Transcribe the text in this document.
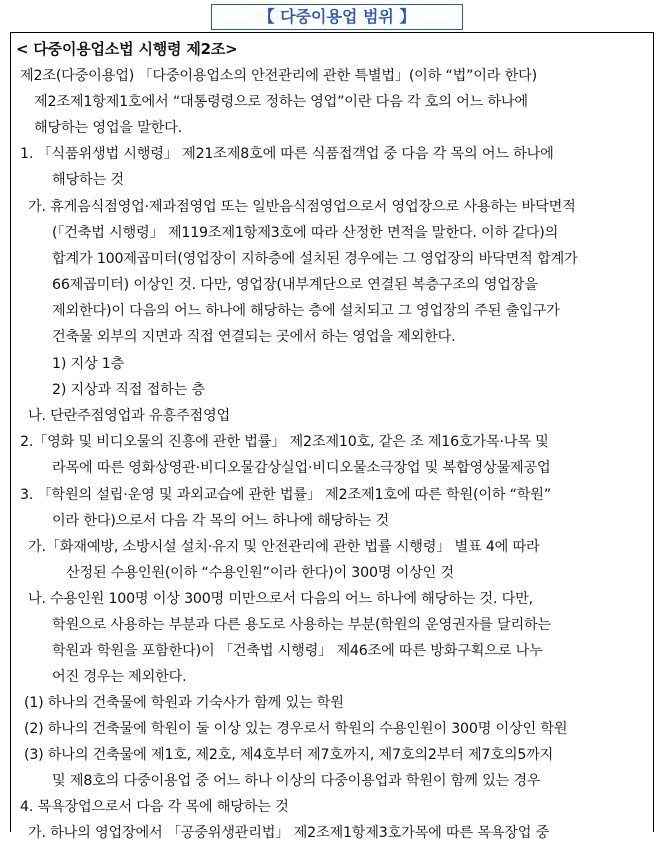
【 다중이용업 범위 】
< 다중이용업소법 시행령 제2조>
제2조(다중이용업) 「다중이용업소의 안전관리에 관한 특별법」(이하 “법”이라 한다)
제2조제1항제1호에서 “대통령령으로 정하는 영업”이란 다음 각 호의 어느 하나에
해당하는 영업을 말한다.
1. 「식품위생법 시행령」 제21조제8호에 따른 식품접객업 중 다음 각 목의 어느 하나에
해당하는 것
가. 휴게음식점영업·제과점영업 또는 일반음식점영업으로서 영업장으로 사용하는 바닥면적
(「건축법 시행령」 제119조제1항제3호에 따라 산정한 면적을 말한다. 이하 같다)의
합계가 100제곱미터(영업장이 지하층에 설치된 경우에는 그 영업장의 바닥면적 합계가
66제곱미터) 이상인 것. 다만, 영업장(내부계단으로 연결된 복층구조의 영업장을
제외한다)이 다음의 어느 하나에 해당하는 층에 설치되고 그 영업장의 주된 출입구가
건축물 외부의 지면과 직접 연결되는 곳에서 하는 영업을 제외한다.
1) 지상 1층
2) 지상과 직접 접하는 층
나. 단란주점영업과 유흥주점영업
2.「영화 및 비디오물의 진흥에 관한 법률」 제2조제10호, 같은 조 제16호가목·나목 및
라목에 따른 영화상영관·비디오물감상실업·비디오물소극장업 및 복합영상물제공업
3. 「학원의 설립·운영 및 과외교습에 관한 법률」 제2조제1호에 따른 학원(이하 “학원”
이라 한다)으로서 다음 각 목의 어느 하나에 해당하는 것
가.「화재예방, 소방시설 설치·유지 및 안전관리에 관한 법률 시행령」 별표 4에 따라
산정된 수용인원(이하 “수용인원”이라 한다)이 300명 이상인 것
나. 수용인원 100명 이상 300명 미만으로서 다음의 어느 하나에 해당하는 것. 다만,
학원으로 사용하는 부분과 다른 용도로 사용하는 부분(학원의 운영권자를 달리하는
학원과 학원을 포함한다)이 「건축법 시행령」 제46조에 따른 방화구획으로 나누
어진 경우는 제외한다.
(1) 하나의 건축물에 학원과 기숙사가 함께 있는 학원
(2) 하나의 건축물에 학원이 둘 이상 있는 경우로서 학원의 수용인원이 300명 이상인 학원
(3) 하나의 건축물에 제1호, 제2호, 제4호부터 제7호까지, 제7호의2부터 제7호의5까지
및 제8호의 다중이용업 중 어느 하나 이상의 다중이용업과 학원이 함께 있는 경우
4. 목욕장업으로서 다음 각 목에 해당하는 것
가. 하나의 영업장에서 「공중위생관리법」 제2조제1항제3호가목에 따른 목욕장업 중
